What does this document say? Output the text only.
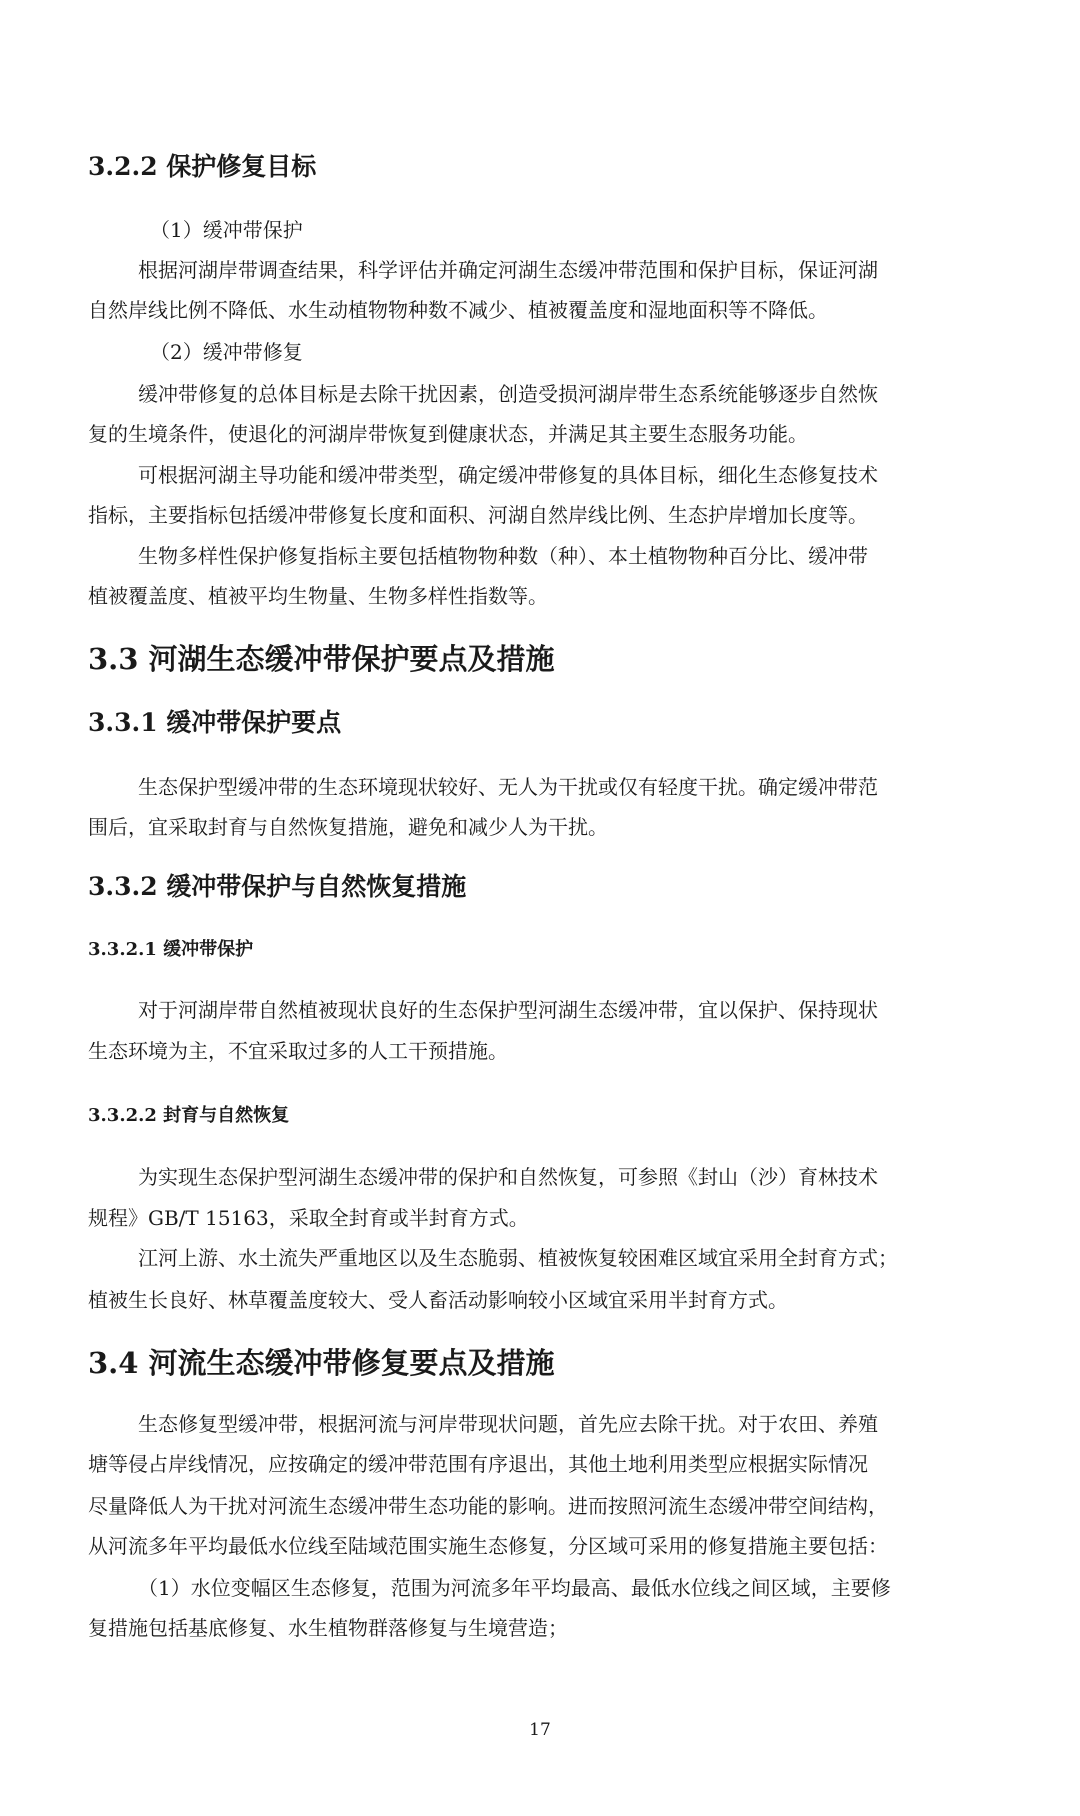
3.2.2 保护修复目标

（1）缓冲带保护

根据河湖岸带调查结果，科学评估并确定河湖生态缓冲带范围和保护目标，保证河湖

自然岸线比例不降低、水生动植物物种数不减少、植被覆盖度和湿地面积等不降低。

（2）缓冲带修复

缓冲带修复的总体目标是去除干扰因素，创造受损河湖岸带生态系统能够逐步自然恢

复的生境条件，使退化的河湖岸带恢复到健康状态，并满足其主要生态服务功能。

可根据河湖主导功能和缓冲带类型，确定缓冲带修复的具体目标，细化生态修复技术

指标，主要指标包括缓冲带修复长度和面积、河湖自然岸线比例、生态护岸增加长度等。

生物多样性保护修复指标主要包括植物物种数（种）、本土植物物种百分比、缓冲带

植被覆盖度、植被平均生物量、生物多样性指数等。

3.3 河湖生态缓冲带保护要点及措施
3.3.1 缓冲带保护要点

生态保护型缓冲带的生态环境现状较好、无人为干扰或仅有轻度干扰。确定缓冲带范

围后，宜采取封育与自然恢复措施，避免和减少人为干扰。

3.3.2 缓冲带保护与自然恢复措施
3.3.2.1 缓冲带保护

对于河湖岸带自然植被现状良好的生态保护型河湖生态缓冲带，宜以保护、保持现状

生态环境为主，不宜采取过多的人工干预措施。

3.3.2.2 封育与自然恢复

为实现生态保护型河湖生态缓冲带的保护和自然恢复，可参照《封山（沙）育林技术

规程》GB/T 15163，采取全封育或半封育方式。

江河上游、水土流失严重地区以及生态脆弱、植被恢复较困难区域宜采用全封育方式；

植被生长良好、林草覆盖度较大、受人畜活动影响较小区域宜采用半封育方式。

3.4 河流生态缓冲带修复要点及措施

生态修复型缓冲带，根据河流与河岸带现状问题，首先应去除干扰。对于农田、养殖

塘等侵占岸线情况，应按确定的缓冲带范围有序退出，其他土地利用类型应根据实际情况

尽量降低人为干扰对河流生态缓冲带生态功能的影响。进而按照河流生态缓冲带空间结构，

从河流多年平均最低水位线至陆域范围实施生态修复，分区域可采用的修复措施主要包括：

（1）水位变幅区生态修复，范围为河流多年平均最高、最低水位线之间区域，主要修

复措施包括基底修复、水生植物群落修复与生境营造；

17
